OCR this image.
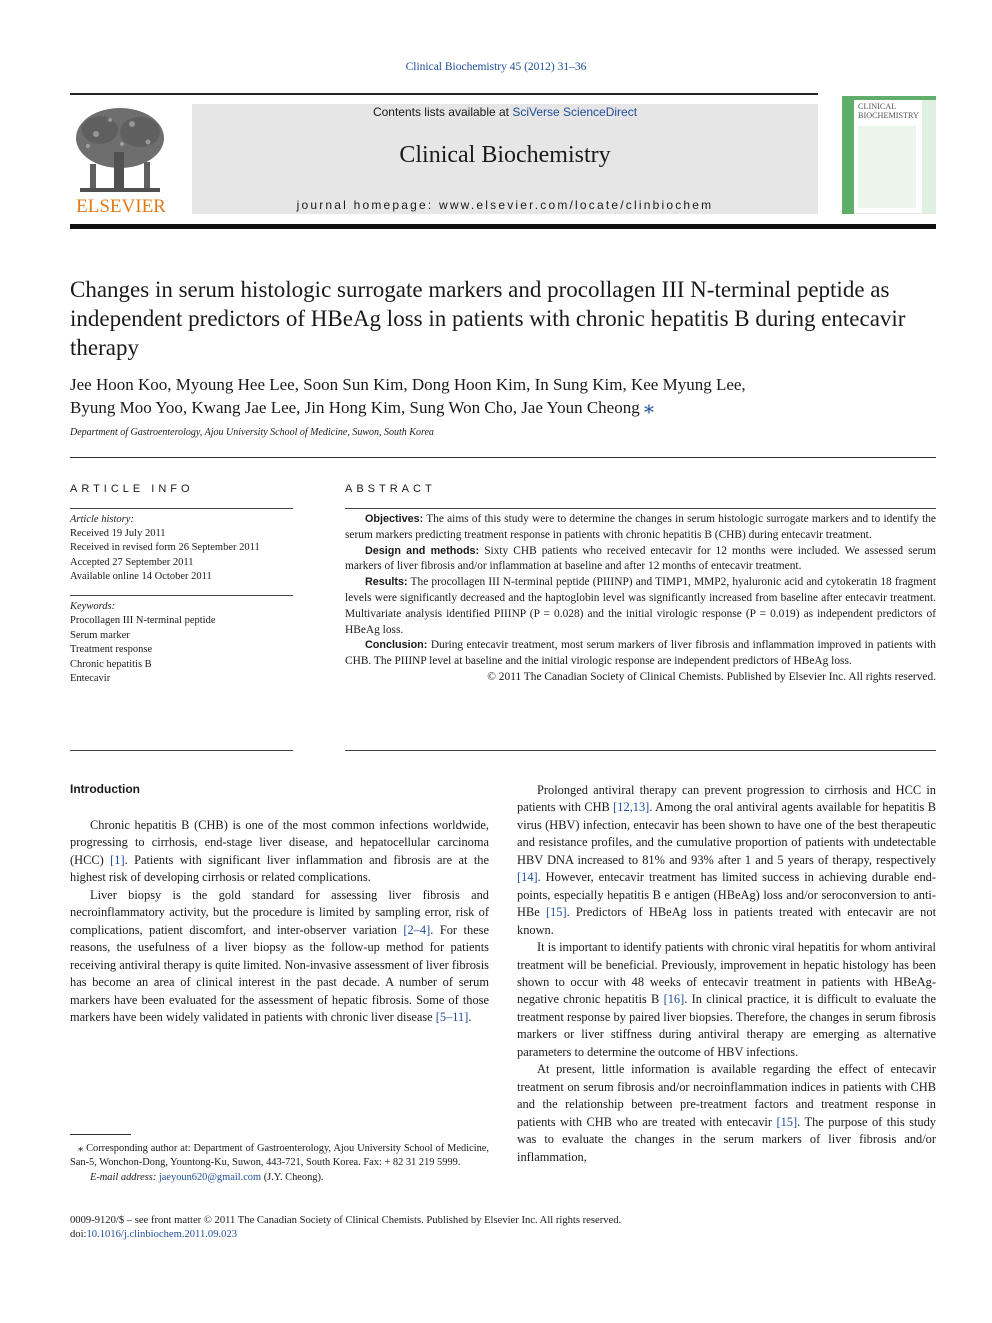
Clinical Biochemistry 45 (2012) 31–36
ELSEVIER
Contents lists available at SciVerse ScienceDirect
Clinical Biochemistry
journal homepage: www.elsevier.com/locate/clinbiochem
CLINICAL
BIOCHEMISTRY
Changes in serum histologic surrogate markers and procollagen III N-terminal peptide as independent predictors of HBeAg loss in patients with chronic hepatitis B during entecavir therapy
Jee Hoon Koo, Myoung Hee Lee, Soon Sun Kim, Dong Hoon Kim, In Sung Kim, Kee Myung Lee,
Byung Moo Yoo, Kwang Jae Lee, Jin Hong Kim, Sung Won Cho, Jae Youn Cheong ⁎
Department of Gastroenterology, Ajou University School of Medicine, Suwon, South Korea
ARTICLE INFO
Article history:
Received 19 July 2011
Received in revised form 26 September 2011
Accepted 27 September 2011
Available online 14 October 2011
Keywords:
Procollagen III N-terminal peptide
Serum marker
Treatment response
Chronic hepatitis B
Entecavir
ABSTRACT

Objectives: The aims of this study were to determine the changes in serum histologic surrogate markers and to identify the serum markers predicting treatment response in patients with chronic hepatitis B (CHB) during entecavir treatment.

Design and methods: Sixty CHB patients who received entecavir for 12 months were included. We assessed serum markers of liver fibrosis and/or inflammation at baseline and after 12 months of entecavir treatment.

Results: The procollagen III N-terminal peptide (PIIINP) and TIMP1, MMP2, hyaluronic acid and cytokeratin 18 fragment levels were significantly decreased and the haptoglobin level was significantly increased from baseline after entecavir treatment. Multivariate analysis identified PIIINP (P = 0.028) and the initial virologic response (P = 0.019) as independent predictors of HBeAg loss.

Conclusion: During entecavir treatment, most serum markers of liver fibrosis and inflammation improved in patients with CHB. The PIIINP level at baseline and the initial virologic response are independent predictors of HBeAg loss.

© 2011 The Canadian Society of Clinical Chemists. Published by Elsevier Inc. All rights reserved.

Introduction

Chronic hepatitis B (CHB) is one of the most common infections worldwide, progressing to cirrhosis, end-stage liver disease, and hepatocellular carcinoma (HCC) [1]. Patients with significant liver inflammation and fibrosis are at the highest risk of developing cirrhosis or related complications.

Liver biopsy is the gold standard for assessing liver fibrosis and necroinflammatory activity, but the procedure is limited by sampling error, risk of complications, patient discomfort, and inter-observer variation [2–4]. For these reasons, the usefulness of a liver biopsy as the follow-up method for patients receiving antiviral therapy is quite limited. Non-invasive assessment of liver fibrosis has become an area of clinical interest in the past decade. A number of serum markers have been evaluated for the assessment of hepatic fibrosis. Some of those markers have been widely validated in patients with chronic liver disease [5–11].

Prolonged antiviral therapy can prevent progression to cirrhosis and HCC in patients with CHB [12,13]. Among the oral antiviral agents available for hepatitis B virus (HBV) infection, entecavir has been shown to have one of the best therapeutic and resistance profiles, and the cumulative proportion of patients with undetectable HBV DNA increased to 81% and 93% after 1 and 5 years of therapy, respectively [14]. However, entecavir treatment has limited success in achieving durable end-points, especially hepatitis B e antigen (HBeAg) loss and/or seroconversion to anti-HBe [15]. Predictors of HBeAg loss in patients treated with entecavir are not known.

It is important to identify patients with chronic viral hepatitis for whom antiviral treatment will be beneficial. Previously, improvement in hepatic histology has been shown to occur with 48 weeks of entecavir treatment in patients with HBeAg-negative chronic hepatitis B [16]. In clinical practice, it is difficult to evaluate the treatment response by paired liver biopsies. Therefore, the changes in serum fibrosis markers or liver stiffness during antiviral therapy are emerging as alternative parameters to determine the outcome of HBV infections.

At present, little information is available regarding the effect of entecavir treatment on serum fibrosis and/or necroinflammation indices in patients with CHB and the relationship between pre-treatment factors and treatment response in patients with CHB who are treated with entecavir [15]. The purpose of this study was to evaluate the changes in the serum markers of liver fibrosis and/or inflammation,

⁎ Corresponding author at: Department of Gastroenterology, Ajou University School of Medicine, San-5, Wonchon-Dong, Yountong-Ku, Suwon, 443-721, South Korea. Fax: + 82 31 219 5999.

E-mail address: jaeyoun620@gmail.com (J.Y. Cheong).

0009-9120/$ – see front matter © 2011 The Canadian Society of Clinical Chemists. Published by Elsevier Inc. All rights reserved.
doi:10.1016/j.clinbiochem.2011.09.023
